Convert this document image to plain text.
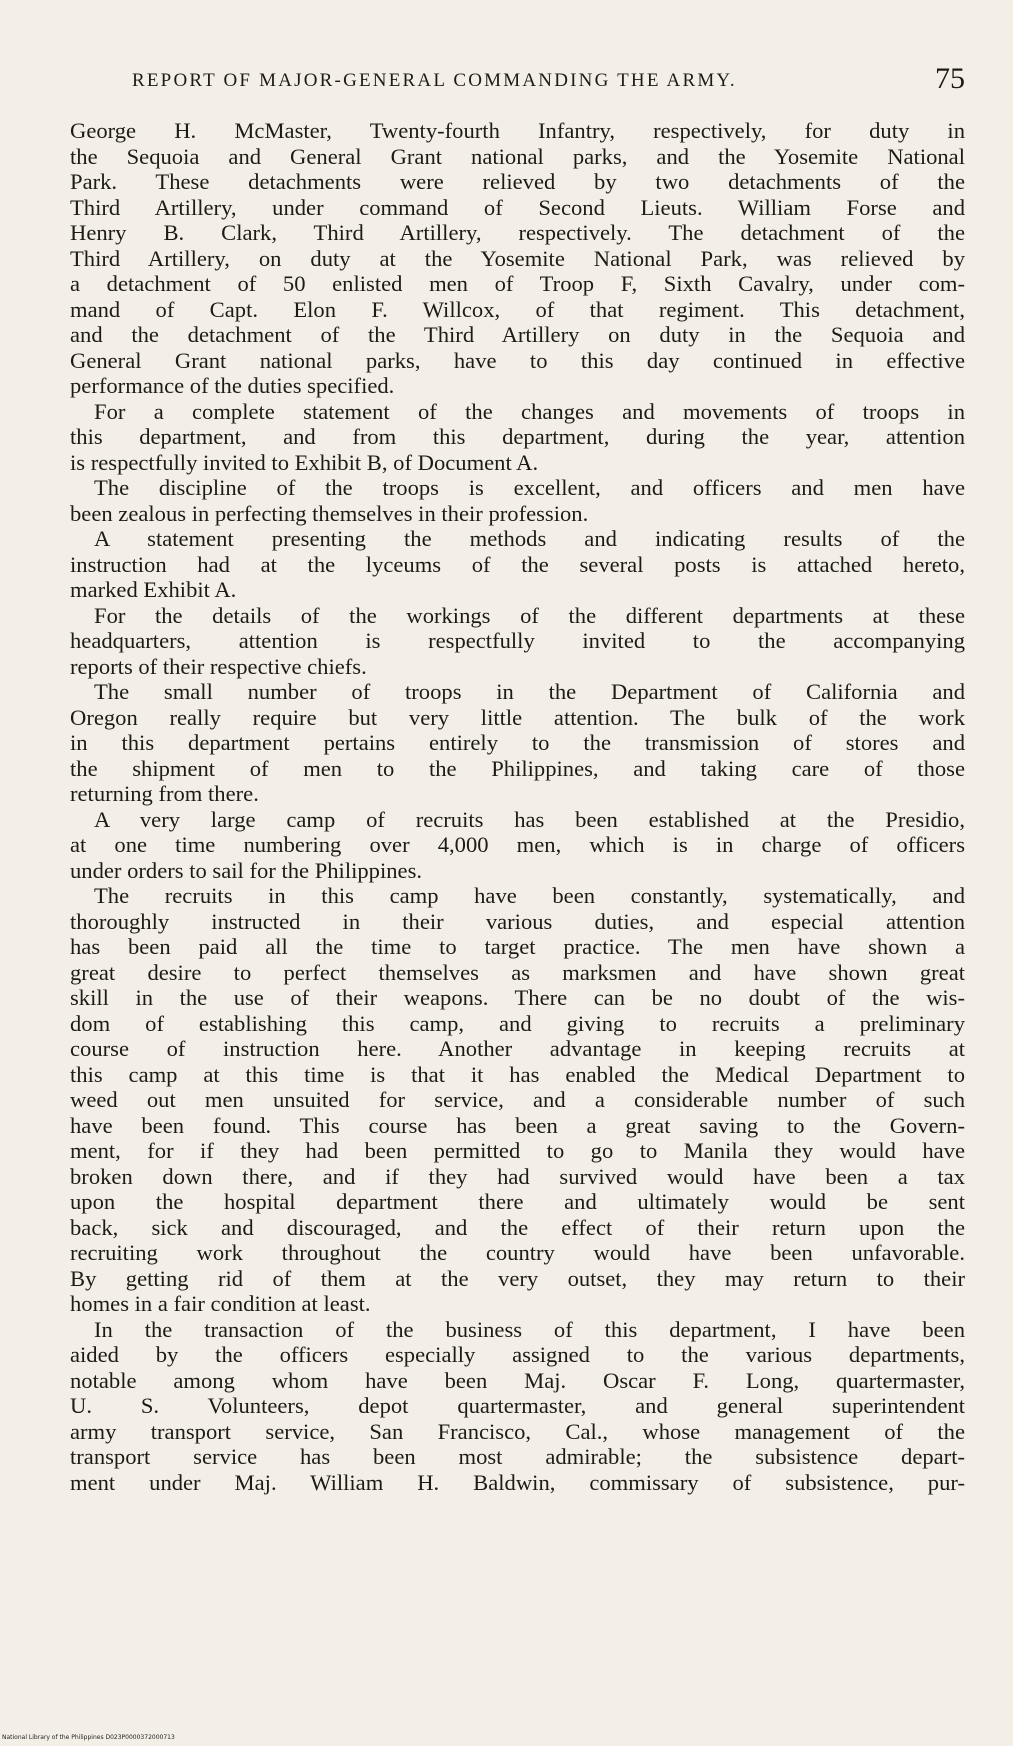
REPORT OF MAJOR-GENERAL COMMANDING THE ARMY.	75
George H. McMaster, Twenty-fourth Infantry, respectively, for duty in
the Sequoia and General Grant national parks, and the Yosemite National
Park. These detachments were relieved by two detachments of the
Third Artillery, under command of Second Lieuts. William Forse and
Henry B. Clark, Third Artillery, respectively. The detachment of the
Third Artillery, on duty at the Yosemite National Park, was relieved by
a detachment of 50 enlisted men of Troop F, Sixth Cavalry, under com-
mand of Capt. Elon F. Willcox, of that regiment. This detachment,
and the detachment of the Third Artillery on duty in the Sequoia and
General Grant national parks, have to this day continued in effective
performance of the duties specified.
For a complete statement of the changes and movements of troops in
this department, and from this department, during the year, attention
is respectfully invited to Exhibit B, of Document A.
The discipline of the troops is excellent, and officers and men have
been zealous in perfecting themselves in their profession.
A statement presenting the methods and indicating results of the
instruction had at the lyceums of the several posts is attached hereto,
marked Exhibit A.
For the details of the workings of the different departments at these
headquarters, attention is respectfully invited to the accompanying
reports of their respective chiefs.
The small number of troops in the Department of California and
Oregon really require but very little attention. The bulk of the work
in this department pertains entirely to the transmission of stores and
the shipment of men to the Philippines, and taking care of those
returning from there.
A very large camp of recruits has been established at the Presidio,
at one time numbering over 4,000 men, which is in charge of officers
under orders to sail for the Philippines.
The recruits in this camp have been constantly, systematically, and
thoroughly instructed in their various duties, and especial attention
has been paid all the time to target practice. The men have shown a
great desire to perfect themselves as marksmen and have shown great
skill in the use of their weapons. There can be no doubt of the wis-
dom of establishing this camp, and giving to recruits a preliminary
course of instruction here. Another advantage in keeping recruits at
this camp at this time is that it has enabled the Medical Department to
weed out men unsuited for service, and a considerable number of such
have been found. This course has been a great saving to the Govern-
ment, for if they had been permitted to go to Manila they would have
broken down there, and if they had survived would have been a tax
upon the hospital department there and ultimately would be sent
back, sick and discouraged, and the effect of their return upon the
recruiting work throughout the country would have been unfavorable.
By getting rid of them at the very outset, they may return to their
homes in a fair condition at least.
In the transaction of the business of this department, I have been
aided by the officers especially assigned to the various departments,
notable among whom have been Maj. Oscar F. Long, quartermaster,
U. S. Volunteers, depot quartermaster, and general superintendent
army transport service, San Francisco, Cal., whose management of the
transport service has been most admirable; the subsistence depart-
ment under Maj. William H. Baldwin, commissary of subsistence, pur-
National Library of the Philippines D023P0000372000713
